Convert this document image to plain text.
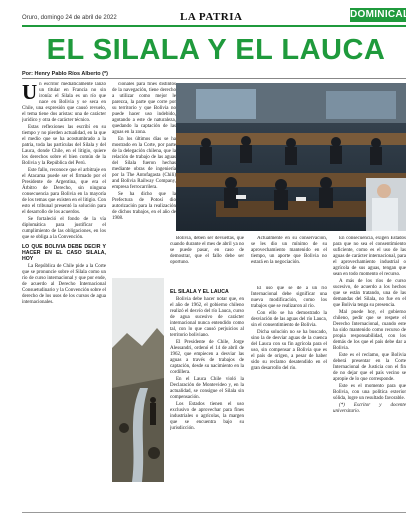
Oruro, domingo 24 de abril de 2022	LA PATRIA	DOMINICAL
EL SILALA Y EL LAUCA
Por: Henry Pablo Ríos Alberto (*)

Un escritor mediáticamente lanzó un titular en Francia no sin ironía: el Silala es un río que nace en Bolivia y se seca en Chile, una expresión que causó revuelo, el tema tiene dos aristas: una de carácter jurídico y otra de carácter técnico.

Estas reflexiones las escribí en su tiempo y no pierden actualidad, en la que el medio que se ha acostumbrado a la patria, toda las partículas del Silala y del Lauca, donde Chile, en el litigio, quiere los derechos sobre el bien común de la Bolivia y la República del Perú.

Este fallo, reconoce que el arbitraje en el Atacama puede ser el firmado por el Presidente de Argentina, que era el Árbitro de Derecho, sin ninguna consecuencia para Bolivia en la mayoría de los temas que existen en el litigio. Con esto el tribunal presentó la solución para el desarrollo de los acuerdos.

Se fortaleció el fondo de la vía diplomática para justificar el cumplimiento de las obligaciones, en los que se obliga a la Convención.

LO QUE BOLIVIA DEBE DECIR Y HACER EN EL CASO SILALA, HOY

La República de Chile pide a la Corte que se pronuncie sobre el Silala como un río de curso internacional y que por ende, de acuerdo al Derecho Internacional Consuetudinario y la Convención sobre el derecho de los usos de los cursos de agua internacionales.

cionales para fines distintos de la navegación, tiene derecho a utilizar como mejor le parezca, la parte que corre por su territorio y que Bolivia no puede hacer uso indebido, agotando a este de naturaleza, quedando la captación de las aguas en la zona.

En los últimos días se ha mostrado en la Corte, por parte de la delegación chilena, que la relación de trabajo de las aguas del Silala fueron hechas mediante obras de ingeniería por la The Antofagasta (Chili) and Bolivia Railway Company, empresa ferrocarrilera.

Se ha dicho que la Prefectura de Potosí dio autorización para la realización de dichos trabajos, en el año de 1908.

Bolivia, deben ser devueltas, que cuando durante el mes de abril ya no se puede pasar, en caso de demostrar, que el fallo debe ser oportuno.

Actualmente en su conservación, se les dio un mínimo de su aprovechamiento mantenido en el tiempo, un aporte que Bolivia no estará en la negociación.

EL SILALA Y EL LAUCA

Bolivia debe hacer notar que, en el año de 1962, el gobierno chileno realizó el desvío del río Lauca, curso de agua sucesivo de carácter internacional nunca entendido como tal, con lo que causó perjuicios al territorio boliviano.

El Presidente de Chile, Jorge Alessandri, ordenó el 14 de abril de 1962, que empiecen a desviar las aguas a través de trabajos de captación, desde su nacimiento en la cordillera.

En el Lauca Chile violó la Declaración de Montevideo y, en la actualidad, se consigue el Silala sin compensación.

Los Estados tienen el uso exclusivo de aprovechar para fines industriales o agrícolas, la margen que se encuentra bajo su jurisdicción.

El uso que se dé a un río Internacional debe significar una nueva modificación, como los trabajos que se realizaron al río.

Con ello se ha demostrado la desviación de las aguas del río Lauca, sin el consentimiento de Bolivia.

Dicha solución no se ha buscado, sino la de desviar aguas de la cuenca del Lauca con su fin agrícola para el uso, sin compensar a Bolivia que es el país de origen, a pesar de haber sido su reclamo desatendido en el gran desarrollo del río.

En consecuencia, exigen Estados para que no sea el consentimiento suficiente, como es el uso de las aguas de carácter internacional, para el aprovechamiento industrial o agrícola de sus aguas, tengan que sean en todo momento el recurso.

A más de los ríos de curso sucesivo, de acuerdo a los hechos que se están tratando, una de las demandas del Silala, no fue en el que Bolivia tenga su presencia.

Mal puede hoy, el gobierno chileno, pedir que se respete el Derecho Internacional, cuando este ha sido mantenido como recurso de propia responsabilidad, con los demás de los que el país debe dar a Bolivia.

Este es el reclamo, que Bolivia deberá presentar en la Corte Internacional de Justicia con el fin de no dejar que el país vecino se apropie de lo que corresponde.

Este es el momento para que Bolivia, con una política exterior sólida, logre un resultado favorable.

(*) Escritor y docente universitario.
